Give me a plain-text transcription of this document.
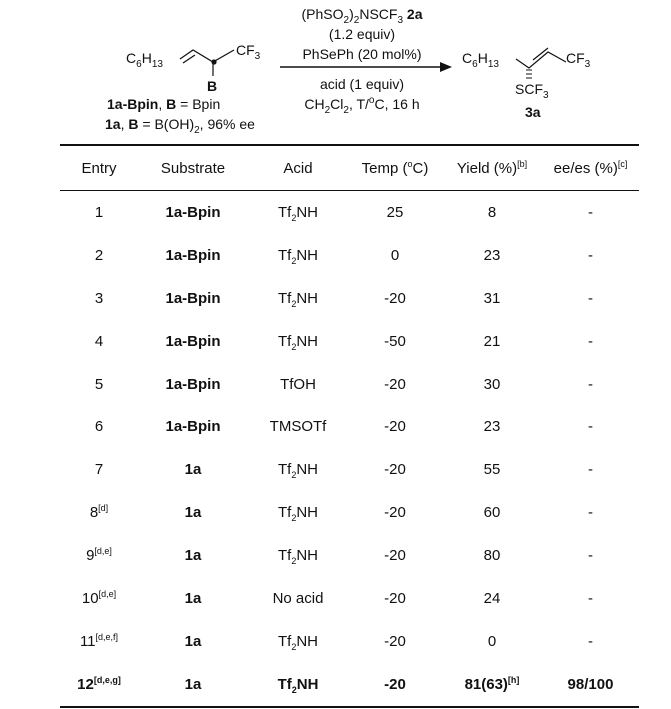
$C_6H_{13}$
$CF_3$
B
1a-Bpin, B = Bpin
1a, $B = B(OH)_2$, 96% ee
$(PhSO_2)_2NSCF_3$ 2a
(1.2 equiv)
PhSePh (20 mol%)
acid (1 equiv)
$CH_2Cl_2$, T/$^o$C, 16 h
$C_6H_{13}$	$CF_3$
$SCF_3$
3a
Entry	Substrate	Acid	Temp ($^o$C)	Yield (%)[b]	ee/es (%)[c]
1	1a-Bpin	$Tf_2NH$	25	8	-
2	1a-Bpin	$Tf_2NH$	0	23	-
3	1a-Bpin	$Tf_2NH$	-20	31	-
4	1a-Bpin	$Tf_2NH$	-50	21	-
5	1a-Bpin	TfOH	-20	30	-
6	1a-Bpin	TMSOTf	-20	23	-
7	1a	$Tf_2NH$	-20	55	-
8[d]	1a	$Tf_2NH$	-20	60	-
9[d,e]	1a	$Tf_2NH$	-20	80	-
10[d,e]	1a	No acid	-20	24	-
11[d,e,f]	1a	$Tf_2NH$	-20	0	-
12[d,e,g]	1a	$Tf_2NH$	-20	81(63)[h]	98/100
